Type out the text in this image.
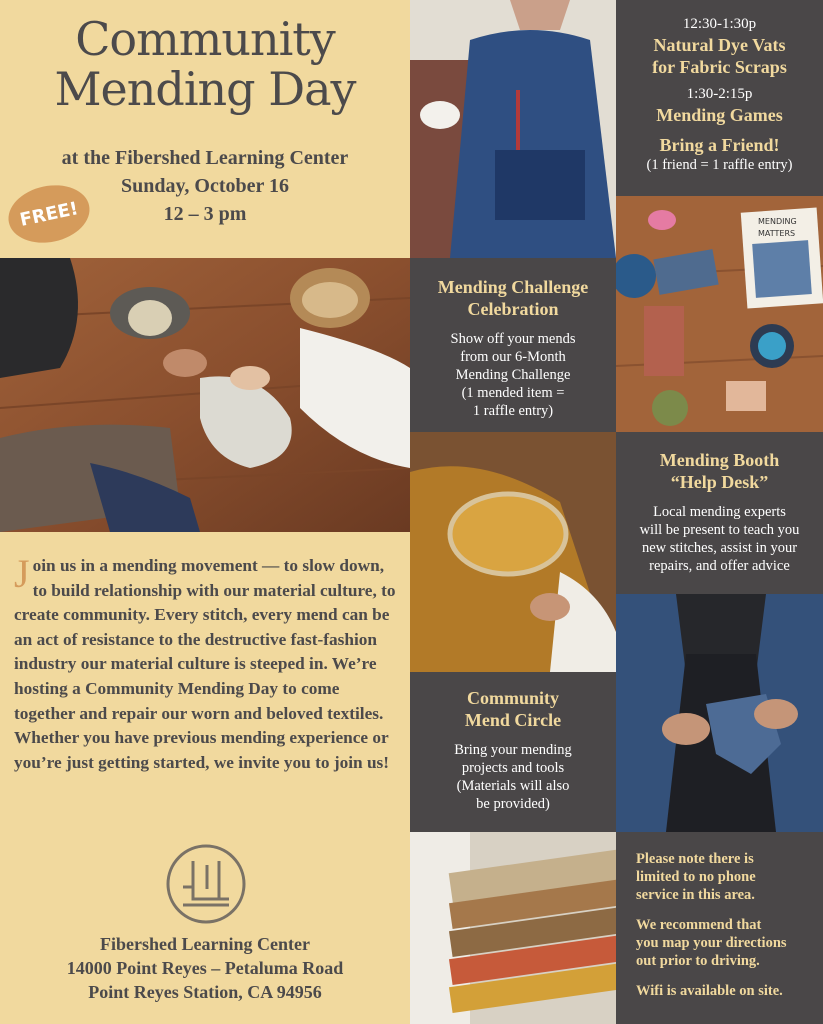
Community
Mending Day
at the Fibershed Learning Center
Sunday, October 16
12 – 3 pm
FREE!
Join us in a mending movement — to slow down, to build relationship with our material culture, to create community. Every stitch, every mend can be an act of resistance to the destructive fast-fashion industry our material culture is steeped in. We’re hosting a Community Mending Day to come together and repair our worn and beloved textiles. Whether you have previous mending experience or you’re just getting started, we invite you to join us!
Fibershed Learning Center
14000 Point Reyes – Petaluma Road
Point Reyes Station, CA 94956
Mending Challenge
Celebration
Show off your mends
from our 6-Month
Mending Challenge
(1 mended item =
1 raffle entry)
Community
Mend Circle
Bring your mending
projects and tools
(Materials will also
be provided)
12:30-1:30p
Natural Dye Vats
for Fabric Scraps
1:30-2:15p
Mending Games
Bring a Friend!
(1 friend = 1 raffle entry)
MENDING
MATTERS
Mending Booth
“Help Desk”
Local mending experts
will be present to teach you
new stitches, assist in your
repairs, and offer advice
Please note there is
limited to no phone
service in this area.
We recommend that
you map your directions
out prior to driving.
Wifi is available on site.
